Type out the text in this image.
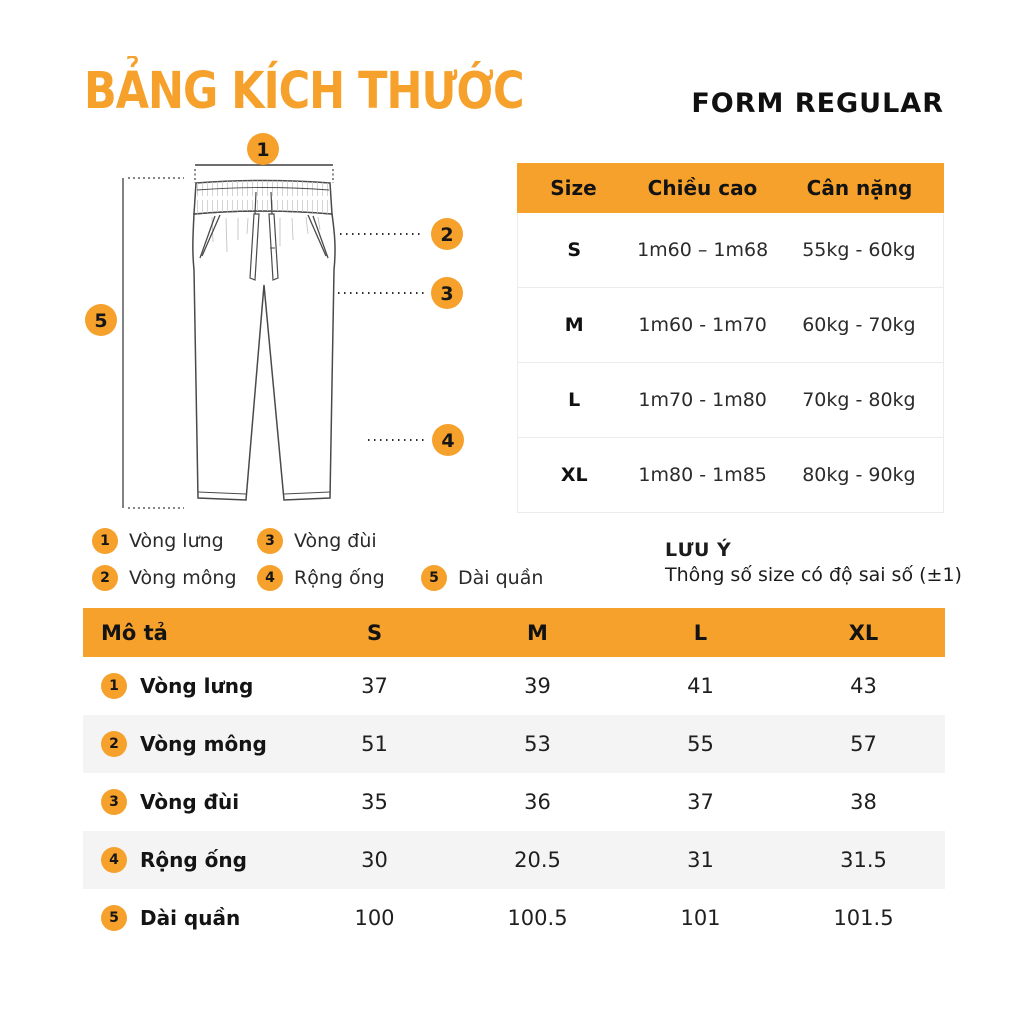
BẢNG KÍCH THƯỚC	FORM REGULAR
1
2
3
4
5
1	Vòng lưng	3	Vòng đùi
2	Vòng mông	4	Rộng ống	5	Dài quần
LƯU Ý
Thông số size có độ sai số (±1)
Size	Chiều cao	Cân nặng
S	1m60 – 1m68	55kg - 60kg
M	1m60 - 1m70	60kg - 70kg
L	1m70 - 1m80	70kg - 80kg
XL	1m80 - 1m85	80kg - 90kg
Mô tả	S	M	L	XL
1	Vòng lưng	37	39	41	43
2	Vòng mông	51	53	55	57
3	Vòng đùi	35	36	37	38
4	Rộng ống	30	20.5	31	31.5
5	Dài quần	100	100.5	101	101.5
